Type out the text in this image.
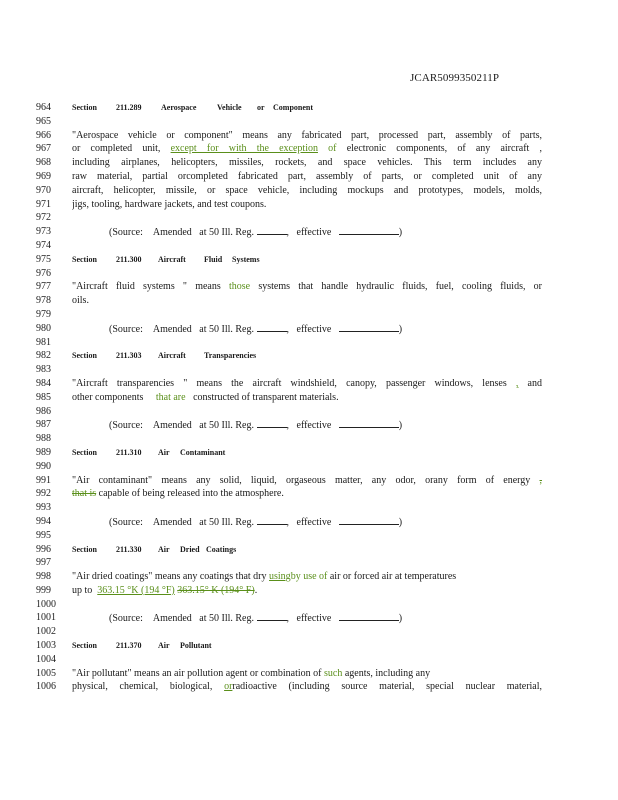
JCAR5099350211P
964	Section 211.289 Aerospace	Vehicle or Component
965
966 "Aerospace vehicle or component" means any fabricated part, processed part, assembly of parts,
967 or completed unit, except for with the exception of electronic components, of any aircraft ,
968 including airplanes, helicopters, missiles, rockets, and space vehicles. This term includes any
969 raw material, partial orcompleted fabricated part, assembly of parts, or completed unit of any
970 aircraft, helicopter, missile, or space vehicle, including mockups and prototypes, models, molds,
971 jigs, tooling, hardware jackets, and test coupons.
972
973	(Source: Amended at 50 Ill. Reg.	, effective	)
974
975	Section 211.300 Aircraft Fluid Systems
976
977 "Aircraft fluid systems " means those systems that handle hydraulic fluids, fuel, cooling fluids, or
978 oils.
979
980	(Source: Amended at 50 Ill. Reg.	, effective	)
981
982	Section 211.303 Aircraft Transparencies
983
984 "Aircraft transparencies " means the aircraft windshield, canopy, passenger windows, lenses , and
985 other components that are constructed of transparent materials.
986
987	(Source: Amended at 50 Ill. Reg.	, effective	)
988
989	Section 211.310 Air Contaminant
990
991 "Air contaminant" means any solid, liquid, orgaseous matter, any odor, orany form of energy ,
992 that is capable of being released into the atmosphere.
993
994	(Source: Amended at 50 Ill. Reg.	, effective	)
995
996	Section 211.330 Air Dried Coatings
997
998 "Air dried coatings" means any coatings that dry usingby use of air or forced air at temperatures
999 up to 363.15 °K (194 °F) 363.15° K (194° F).
1000
1001	(Source: Amended at 50 Ill. Reg.	, effective	)
1002
1003 Section 211.370 Air Pollutant
1004
1005 "Air pollutant" means an air pollution agent or combination of such agents, including any
1006 physical, chemical, biological, orradioactive (including source material, special nuclear material,
